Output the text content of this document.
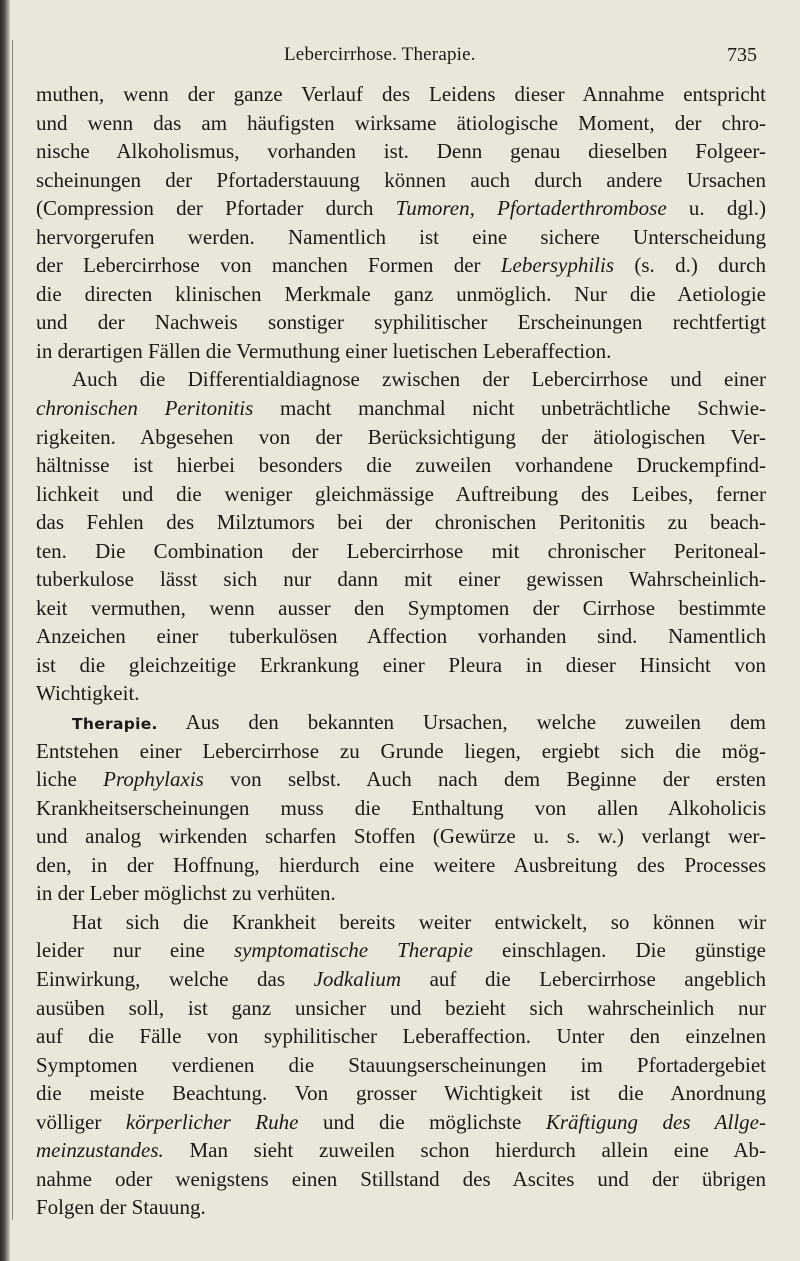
Lebercirrhose. Therapie.	735
muthen, wenn der ganze Verlauf des Leidens dieser Annahme entspricht
und wenn das am häufigsten wirksame ätiologische Moment, der chro-
nische Alkoholismus, vorhanden ist. Denn genau dieselben Folgeer-
scheinungen der Pfortaderstauung können auch durch andere Ursachen
(Compression der Pfortader durch Tumoren, Pfortaderthrombose u. dgl.)
hervorgerufen werden. Namentlich ist eine sichere Unterscheidung
der Lebercirrhose von manchen Formen der Lebersyphilis (s. d.) durch
die directen klinischen Merkmale ganz unmöglich. Nur die Aetiologie
und der Nachweis sonstiger syphilitischer Erscheinungen rechtfertigt
in derartigen Fällen die Vermuthung einer luetischen Leberaffection.
Auch die Differentialdiagnose zwischen der Lebercirrhose und einer
chronischen Peritonitis macht manchmal nicht unbeträchtliche Schwie-
rigkeiten. Abgesehen von der Berücksichtigung der ätiologischen Ver-
hältnisse ist hierbei besonders die zuweilen vorhandene Druckempfind-
lichkeit und die weniger gleichmässige Auftreibung des Leibes, ferner
das Fehlen des Milztumors bei der chronischen Peritonitis zu beach-
ten. Die Combination der Lebercirrhose mit chronischer Peritoneal-
tuberkulose lässt sich nur dann mit einer gewissen Wahrscheinlich-
keit vermuthen, wenn ausser den Symptomen der Cirrhose bestimmte
Anzeichen einer tuberkulösen Affection vorhanden sind. Namentlich
ist die gleichzeitige Erkrankung einer Pleura in dieser Hinsicht von
Wichtigkeit.
Therapie. Aus den bekannten Ursachen, welche zuweilen dem
Entstehen einer Lebercirrhose zu Grunde liegen, ergiebt sich die mög-
liche Prophylaxis von selbst. Auch nach dem Beginne der ersten
Krankheitserscheinungen muss die Enthaltung von allen Alkoholicis
und analog wirkenden scharfen Stoffen (Gewürze u. s. w.) verlangt wer-
den, in der Hoffnung, hierdurch eine weitere Ausbreitung des Processes
in der Leber möglichst zu verhüten.
Hat sich die Krankheit bereits weiter entwickelt, so können wir
leider nur eine symptomatische Therapie einschlagen. Die günstige
Einwirkung, welche das Jodkalium auf die Lebercirrhose angeblich
ausüben soll, ist ganz unsicher und bezieht sich wahrscheinlich nur
auf die Fälle von syphilitischer Leberaffection. Unter den einzelnen
Symptomen verdienen die Stauungserscheinungen im Pfortadergebiet
die meiste Beachtung. Von grosser Wichtigkeit ist die Anordnung
völliger körperlicher Ruhe und die möglichste Kräftigung des Allge-
meinzustandes. Man sieht zuweilen schon hierdurch allein eine Ab-
nahme oder wenigstens einen Stillstand des Ascites und der übrigen
Folgen der Stauung.
